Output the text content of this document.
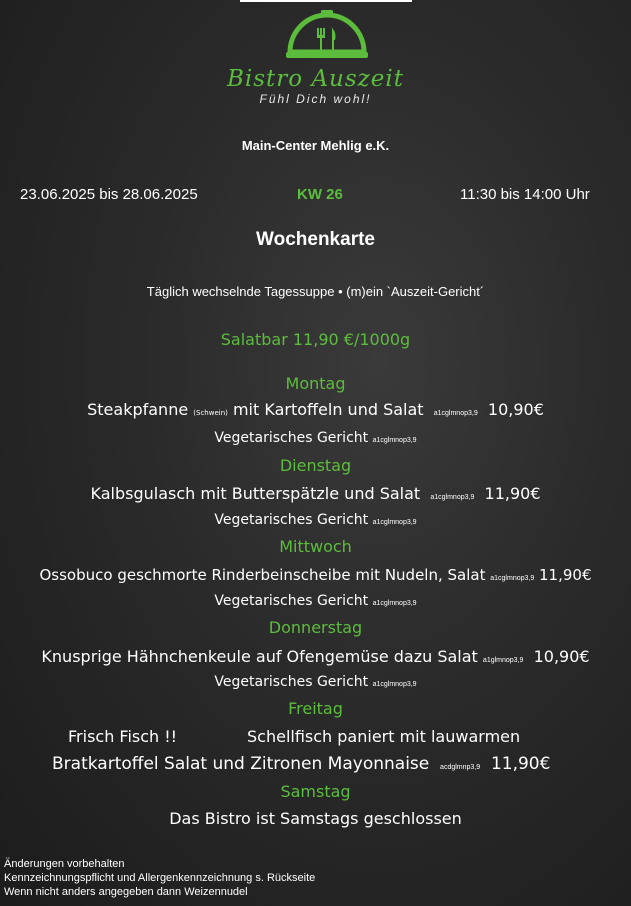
Bistro Auszeit
Fühl Dich wohl!
Main-Center Mehlig e.K.
23.06.2025 bis 28.06.2025	KW 26	11:30 bis 14:00 Uhr
Wochenkarte
Täglich wechselnde Tagessuppe • (m)ein `Auszeit-Gericht´
Salatbar 11,90 €/1000g
Montag
Steakpfanne (Schwein) mit Kartoffeln und Salat a1cglmnop3,9 10,90€
Vegetarisches Gericht a1cglmnop3,9
Dienstag
Kalbsgulasch mit Butterspätzle und Salat a1cglmnop3,9 11,90€
Vegetarisches Gericht a1cglmnop3,9
Mittwoch
Ossobuco geschmorte Rinderbeinscheibe mit Nudeln, Salat a1cglmnop3,9 11,90€
Vegetarisches Gericht a1cglmnop3,9
Donnerstag
Knusprige Hähnchenkeule auf Ofengemüse dazu Salat a1glmnop3,9 10,90€
Vegetarisches Gericht a1cglmnop3,9
Freitag
Frisch Fisch !!	Schellfisch paniert mit lauwarmen
Bratkartoffel Salat und Zitronen Mayonnaise acdglmnp3,9 11,90€
Samstag
Das Bistro ist Samstags geschlossen
Änderungen vorbehalten
Kennzeichnungspflicht und Allergenkennzeichnung s. Rückseite
Wenn nicht anders angegeben dann Weizennudel
